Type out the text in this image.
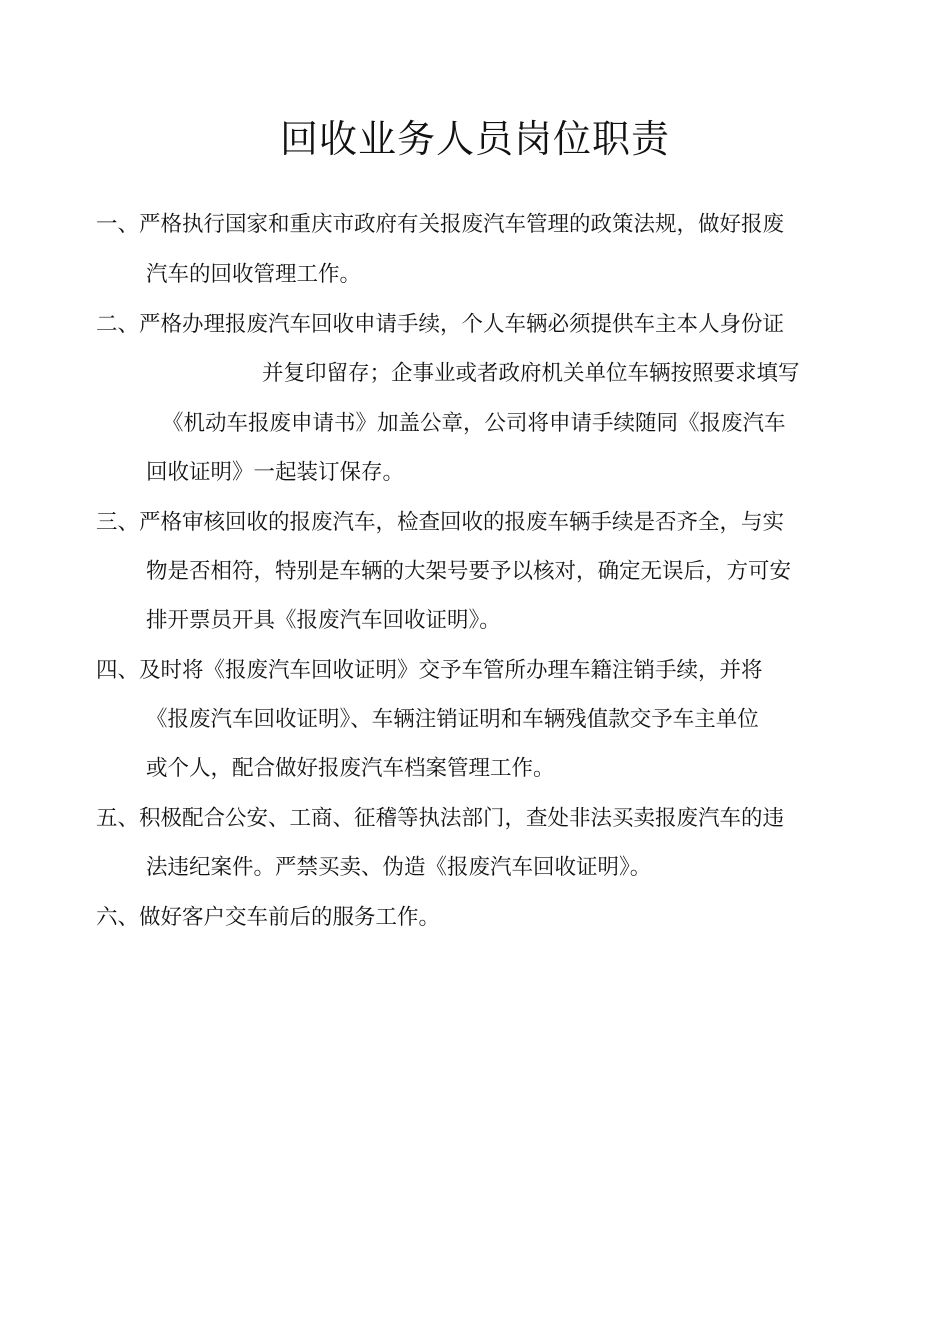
回收业务人员岗位职责

一、严格执行国家和重庆市政府有关报废汽车管理的政策法规，做好报废

汽车的回收管理工作。

二、严格办理报废汽车回收申请手续，个人车辆必须提供车主本人身份证

并复印留存；企事业或者政府机关单位车辆按照要求填写

《机动车报废申请书》加盖公章，公司将申请手续随同《报废汽车

回收证明》一起装订保存。

三、严格审核回收的报废汽车，检查回收的报废车辆手续是否齐全，与实

物是否相符，特别是车辆的大架号要予以核对，确定无误后，方可安

排开票员开具《报废汽车回收证明》。

四、及时将《报废汽车回收证明》交予车管所办理车籍注销手续，并将

《报废汽车回收证明》、车辆注销证明和车辆残值款交予车主单位

或个人，配合做好报废汽车档案管理工作。

五、积极配合公安、工商、征稽等执法部门，查处非法买卖报废汽车的违

法违纪案件。严禁买卖、伪造《报废汽车回收证明》。

六、做好客户交车前后的服务工作。
